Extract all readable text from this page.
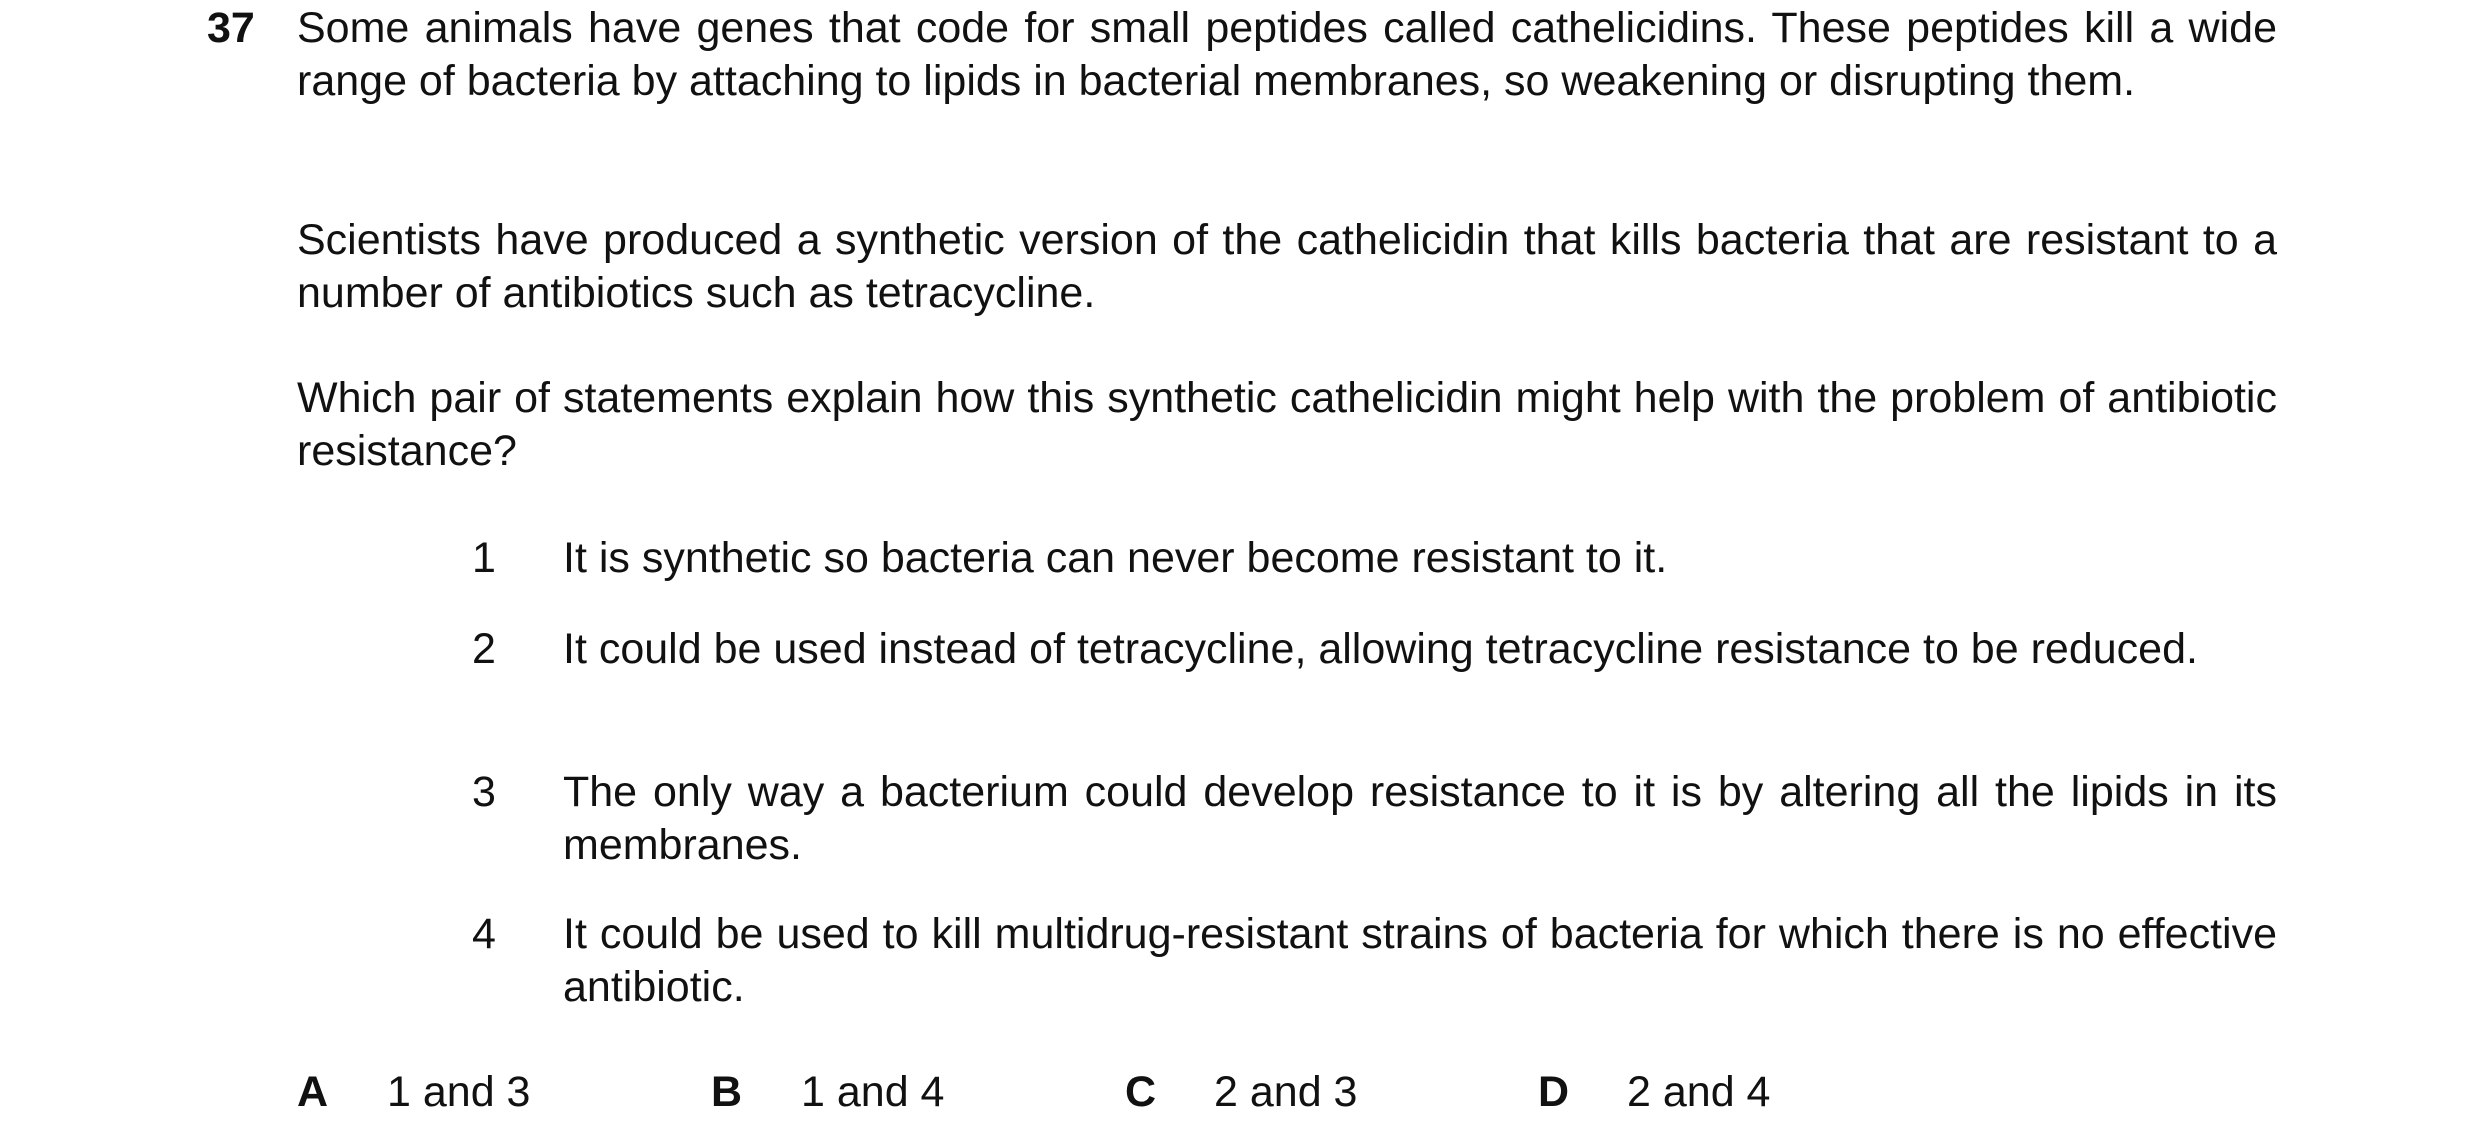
37 Some animals have genes that code for small peptides called cathelicidins. These peptides kill a wide range of bacteria by attaching to lipids in bacterial membranes, so weakening or disrupting them.
Scientists have produced a synthetic version of the cathelicidin that kills bacteria that are resistant to a number of antibiotics such as tetracycline.
Which pair of statements explain how this synthetic cathelicidin might help with the problem of antibiotic resistance?
1 It is synthetic so bacteria can never become resistant to it.
2 It could be used instead of tetracycline, allowing tetracycline resistance to be reduced.
3 The only way a bacterium could develop resistance to it is by altering all the lipids in its membranes.
4 It could be used to kill multidrug-resistant strains of bacteria for which there is no effective antibiotic.
A 1 and 3	B 1 and 4	C 2 and 3	D 2 and 4
